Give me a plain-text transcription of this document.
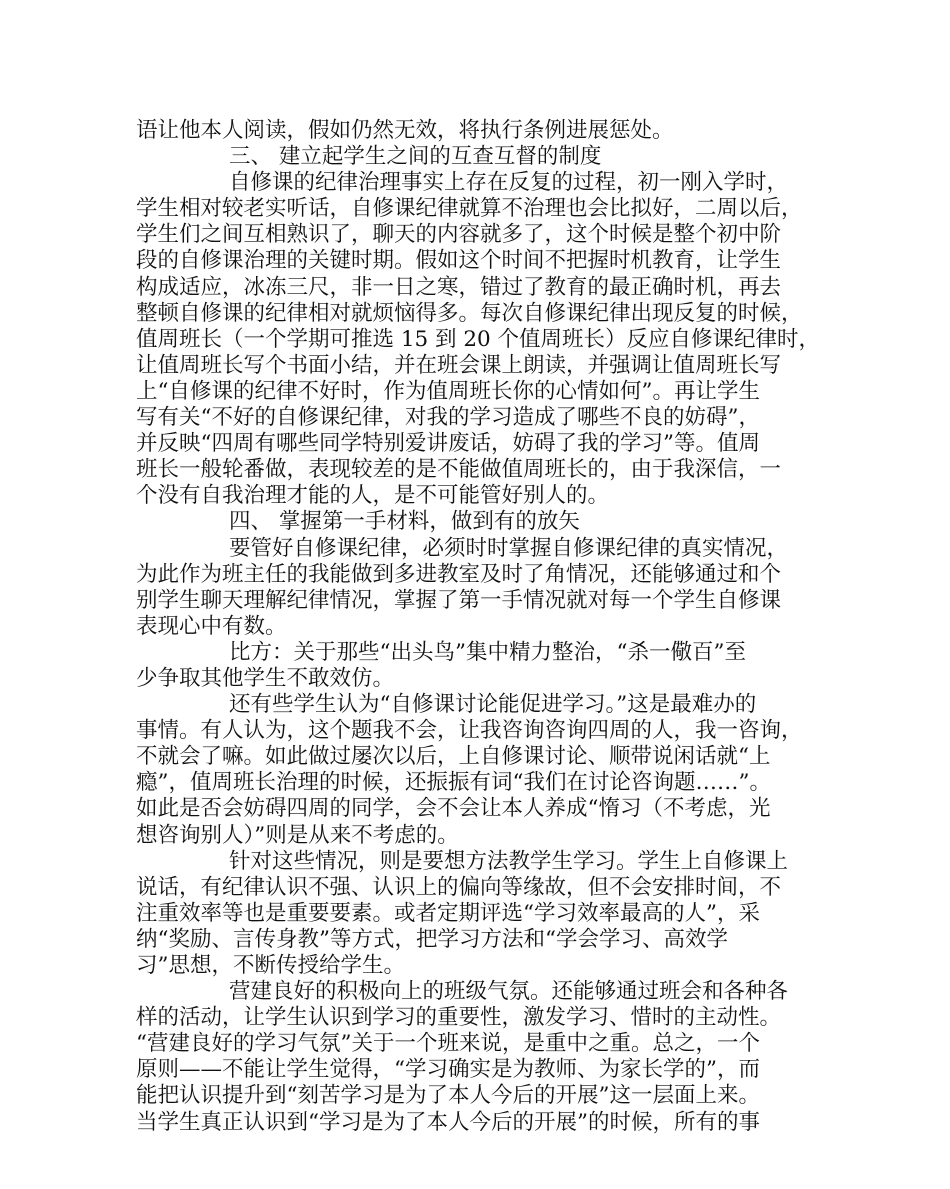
语让他本人阅读，假如仍然无效，将执行条例进展惩处。
三、 建立起学生之间的互查互督的制度
自修课的纪律治理事实上存在反复的过程，初一刚入学时，
学生相对较老实听话，自修课纪律就算不治理也会比拟好，二周以后，
学生们之间互相熟识了，聊天的内容就多了，这个时候是整个初中阶
段的自修课治理的关键时期。假如这个时间不把握时机教育，让学生
构成适应，冰冻三尺，非一日之寒，错过了教育的最正确时机，再去
整顿自修课的纪律相对就烦恼得多。每次自修课纪律出现反复的时候，
值周班长（一个学期可推选 15 到 20 个值周班长）反应自修课纪律时，
让值周班长写个书面小结，并在班会课上朗读，并强调让值周班长写
上“自修课的纪律不好时，作为值周班长你的心情如何”。再让学生
写有关“不好的自修课纪律，对我的学习造成了哪些不良的妨碍”，
并反映“四周有哪些同学特别爱讲废话，妨碍了我的学习”等。值周
班长一般轮番做，表现较差的是不能做值周班长的，由于我深信，一
个没有自我治理才能的人，是不可能管好别人的。
四、 掌握第一手材料，做到有的放矢
要管好自修课纪律，必须时时掌握自修课纪律的真实情况，
为此作为班主任的我能做到多进教室及时了角情况，还能够通过和个
别学生聊天理解纪律情况，掌握了第一手情况就对每一个学生自修课
表现心中有数。
比方：关于那些“出头鸟”集中精力整治，“杀一儆百”至
少争取其他学生不敢效仿。
还有些学生认为“自修课讨论能促进学习。”这是最难办的
事情。有人认为，这个题我不会，让我咨询咨询四周的人，我一咨询，
不就会了嘛。如此做过屡次以后，上自修课讨论、顺带说闲话就“上
瘾”，值周班长治理的时候，还振振有词“我们在讨论咨询题……”。
如此是否会妨碍四周的同学，会不会让本人养成“惰习（不考虑，光
想咨询别人）”则是从来不考虑的。
针对这些情况，则是要想方法教学生学习。学生上自修课上
说话，有纪律认识不强、认识上的偏向等缘故，但不会安排时间，不
注重效率等也是重要要素。或者定期评选“学习效率最高的人”，采
纳“奖励、言传身教”等方式，把学习方法和“学会学习、高效学
习”思想，不断传授给学生。
营建良好的积极向上的班级气氛。还能够通过班会和各种各
样的活动，让学生认识到学习的重要性，激发学习、惜时的主动性。
“营建良好的学习气氛”关于一个班来说，是重中之重。总之，一个
原则——不能让学生觉得，“学习确实是为教师、为家长学的”，而
能把认识提升到“刻苦学习是为了本人今后的开展”这一层面上来。
当学生真正认识到“学习是为了本人今后的开展”的时候，所有的事
